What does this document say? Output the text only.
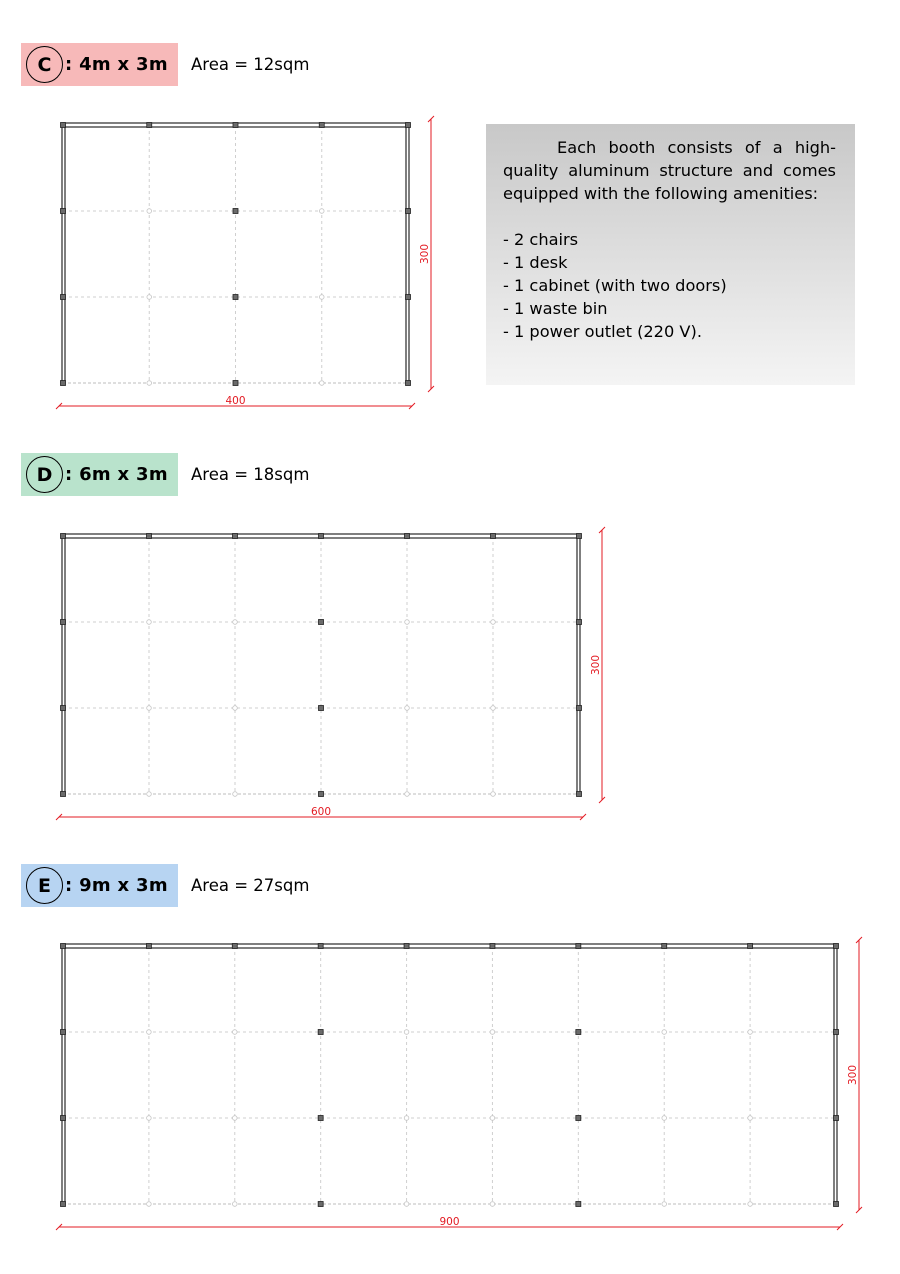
C : 4m x 3m Area = 12sqm
400
300
Each booth consists of a high-quality aluminum structure and comes equipped with the following amenities:
- 2 chairs
- 1 desk
- 1 cabinet (with two doors)
- 1 waste bin
- 1 power outlet (220 V).
D : 6m x 3m Area = 18sqm
600
300
E : 9m x 3m Area = 27sqm
900
300
